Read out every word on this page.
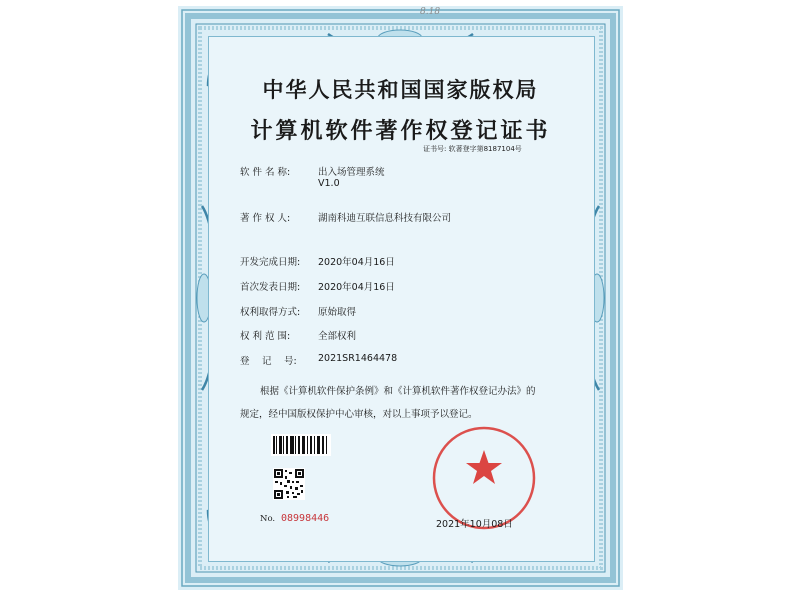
中华人民共和国国家版权局
计算机软件著作权登记证书
证书号: 软著登字第8187104号
软 件 名 称:	出入场管理系统
V1.0
著 作 权 人:	湖南科迪互联信息科技有限公司
开发完成日期: 2020年04月16日
首次发表日期: 2020年04月16日
权利取得方式: 原始取得
权 利 范 围:	全部权利
登　 记　 号: 2021SR1464478
根据《计算机软件保护条例》和《计算机软件著作权登记办法》的
规定，经中国版权保护中心审核，对以上事项予以登记。
No. 08998446
2021年10月08日
8.18
